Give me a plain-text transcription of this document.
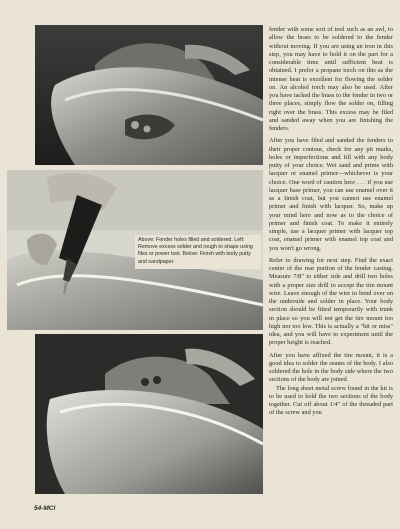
Above: Fender holes filled and soldered. Left: Remove excess solder and rough to shape using files or power tool. Below: Finish with body putty and sandpaper.

fender with some sort of tool such as an awl, to allow the brass to be soldered to the fender without moving. If you are using an iron in this step, you may have to hold it on the part for a considerable time until sufficient heat is obtained. I prefer a propane torch on this as the intense heat is excellent for flowing the solder on. An alcohol torch may also be used. After you have tacked the brass to the fender in two or three places, simply flow the solder on, filling right over the brass. This excess may be filed and sanded away when you are finishing the fenders.

After you have filed and sanded the fenders to their proper contour, check for any pit marks, holes or imperfections and fill with any body putty of your choice. Wet sand and prime with lacquer or enamel primer—whichever is your choice. One word of caution here . . . if you use lacquer base primer, you can use enamel over it as a finish coat, but you cannot use enamel primer and finish with lacquer. So, make up your mind here and now as to the choice of primer and finish coat. To make it entirely simple, use a lacquer primer with lacquer top coat, enamel primer with enamel top coat and you won't go wrong.

Refer to drawing for next step. Find the exact center of the rear portion of the fender casting. Measure 7/8" to either side and drill two holes with a proper size drill to accept the tire mount wire. Leave enough of the wire to bend over on the underside and solder in place. Your body section should be fitted temporarily with trunk in place so you will not get the tire mount too high nor too low. This is actually a "hit or miss" idea, and you will have to experiment until the proper height is reached.

After you have affixed the tire mount, it is a good idea to solder the seams of the body. I also soldered the hole in the body side where the two sections of the body are joined.

The long sheet metal screw found in the kit is to be used to hold the two sections of the body together. Cut off about 1/4" of the threaded part of the screw and you

54-MCI
